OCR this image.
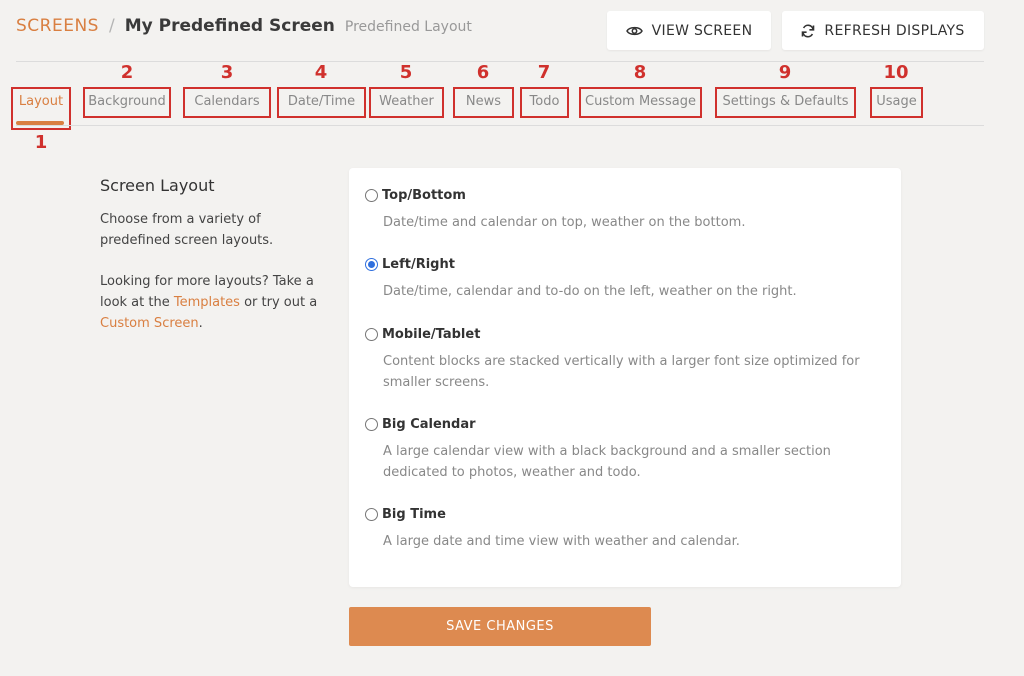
SCREENS / My Predefined Screen Predefined Layout	VIEW SCREEN	REFRESH DISPLAYS
1
Layout
2
Background
3
Calendars
4
Date/Time
5
Weather
6
News
7
Todo
8
Custom Message
9
Settings & Defaults
10
Usage
Screen Layout

Choose from a variety of predefined screen layouts.

Looking for more layouts? Take a look at the Templates or try out a Custom Screen.

Top/Bottom
Date/time and calendar on top, weather on the bottom.
Left/Right
Date/time, calendar and to-do on the left, weather on the right.
Mobile/Tablet
Content blocks are stacked vertically with a larger font size optimized for smaller screens.
Big Calendar
A large calendar view with a black background and a smaller section dedicated to photos, weather and todo.
Big Time
A large date and time view with weather and calendar.
SAVE CHANGES
